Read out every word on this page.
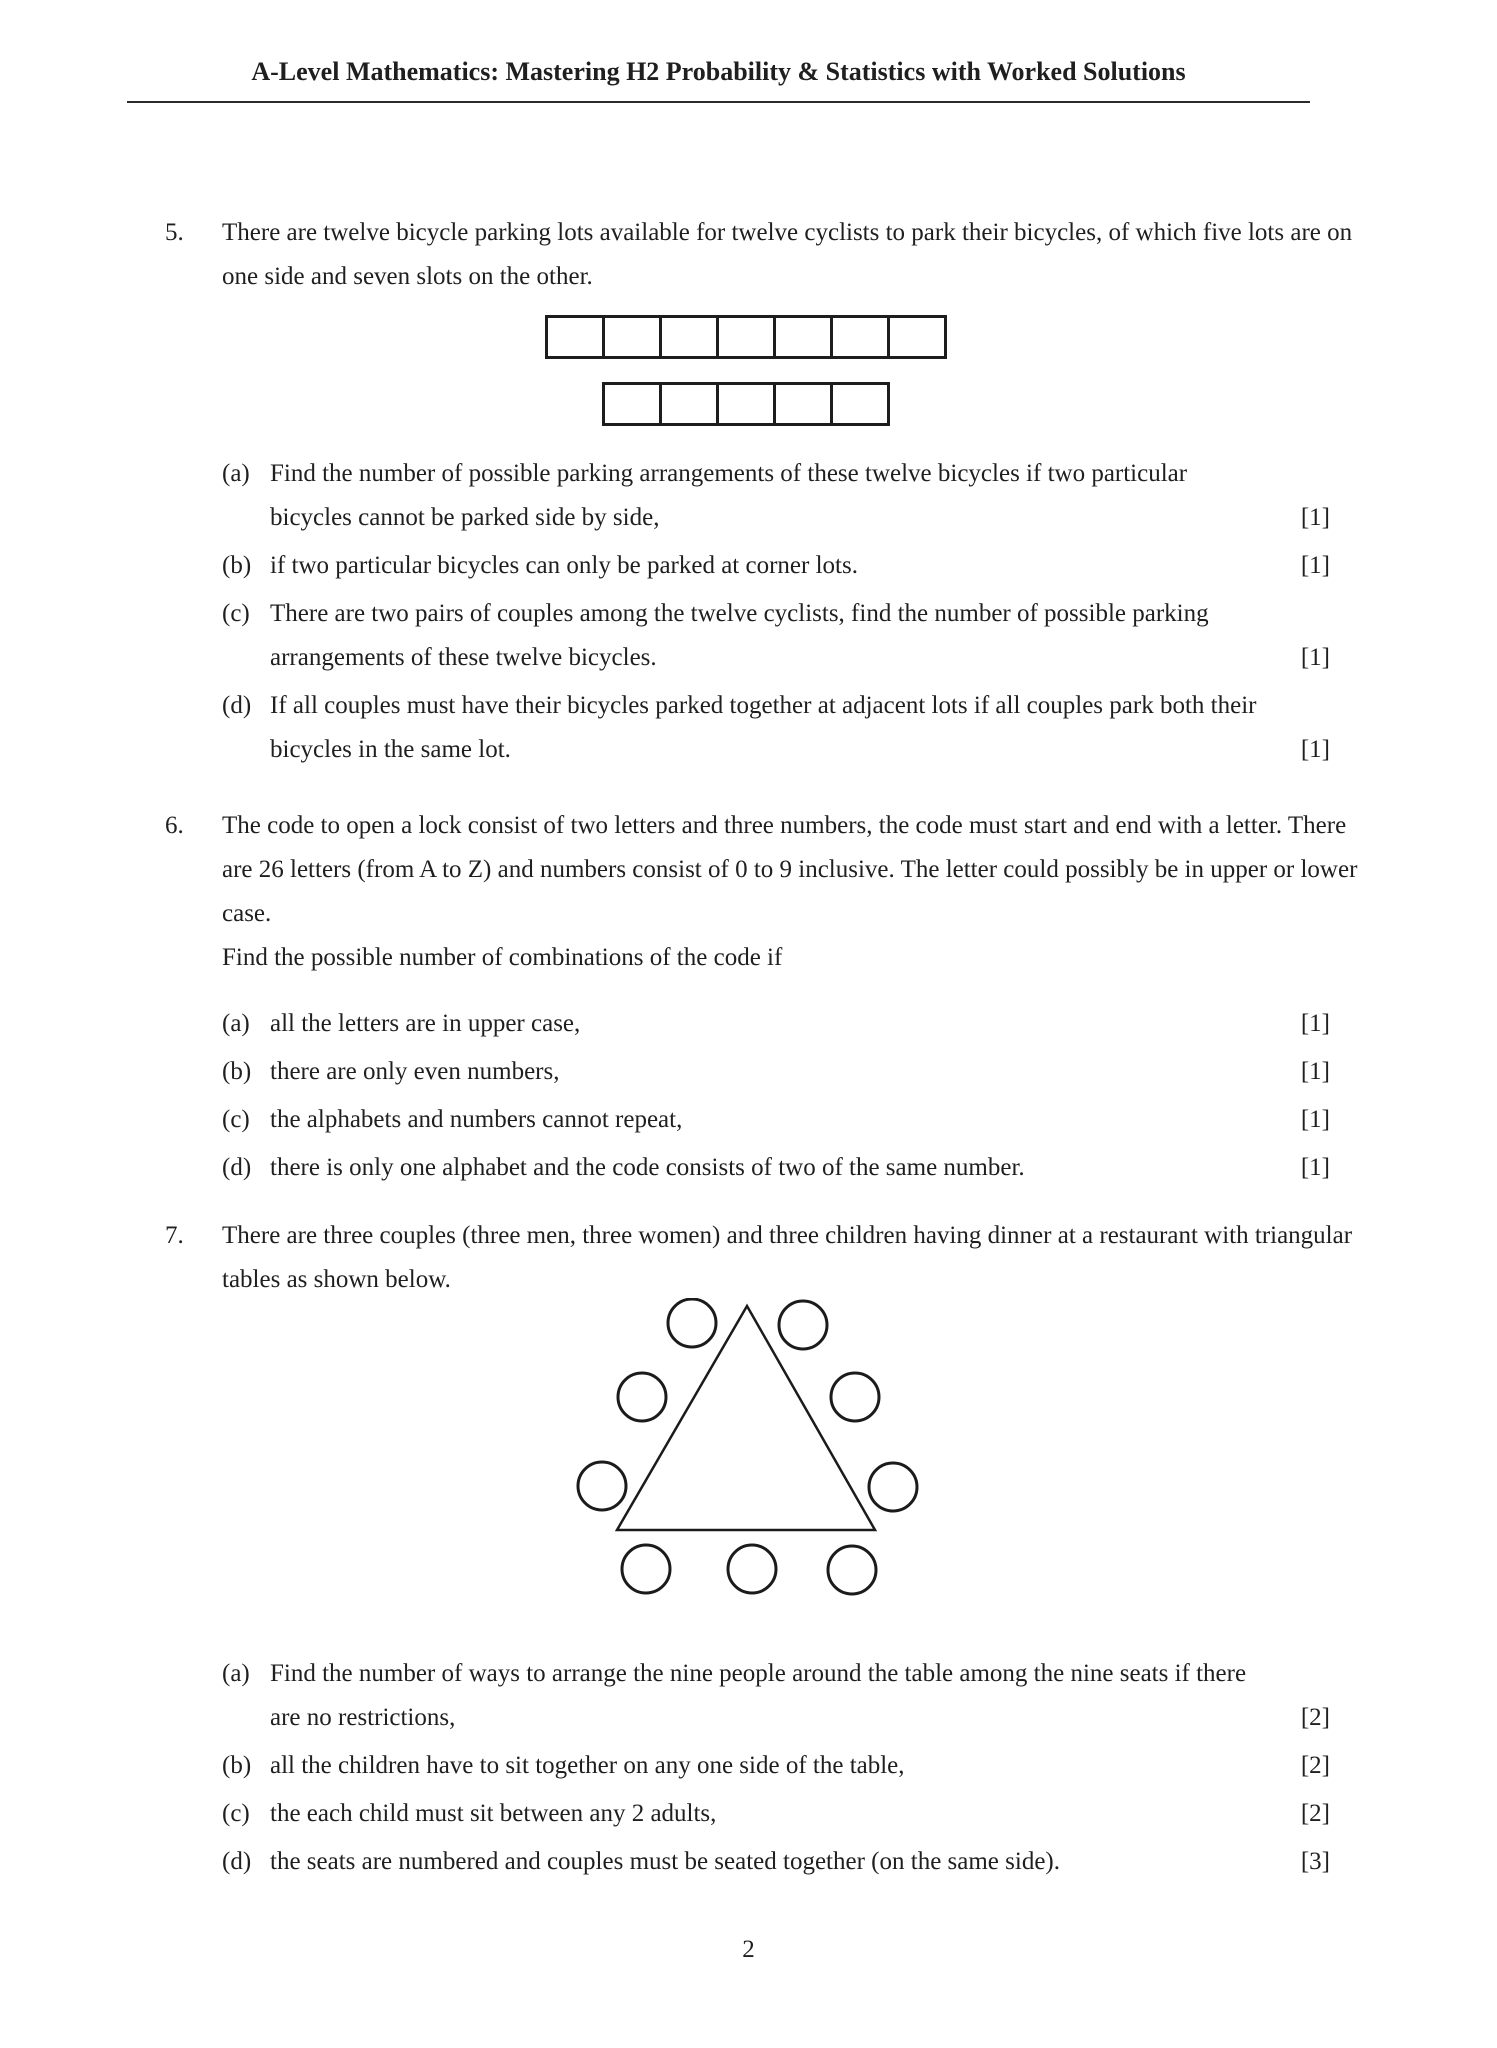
A-Level Mathematics: Mastering H2 Probability & Statistics with Worked Solutions
5.	There are twelve bicycle parking lots available for twelve cyclists to park their bicycles, of which five lots are on one side and seven slots on the other.

(a) Find the number of possible parking arrangements of these twelve bicycles if two particular bicycles cannot be parked side by side,	[1]
(b) if two particular bicycles can only be parked at corner lots.	[1]
(c) There are two pairs of couples among the twelve cyclists, find the number of possible parking arrangements of these twelve bicycles.	[1]
(d) If all couples must have their bicycles parked together at adjacent lots if all couples park both their bicycles in the same lot.	[1]
6.	The code to open a lock consist of two letters and three numbers, the code must start and end with a letter. There are 26 letters (from A to Z) and numbers consist of 0 to 9 inclusive. The letter could possibly be in upper or lower case.

Find the possible number of combinations of the code if

(a) all the letters are in upper case,	[1]
(b) there are only even numbers,	[1]
(c) the alphabets and numbers cannot repeat,	[1]
(d) there is only one alphabet and the code consists of two of the same number.	[1]
7.	There are three couples (three men, three women) and three children having dinner at a restaurant with triangular tables as shown below.

(a) Find the number of ways to arrange the nine people around the table among the nine seats if there are no restrictions,	[2]
(b) all the children have to sit together on any one side of the table,	[2]
(c) the each child must sit between any 2 adults,	[2]
(d) the seats are numbered and couples must be seated together (on the same side).	[3]
2
